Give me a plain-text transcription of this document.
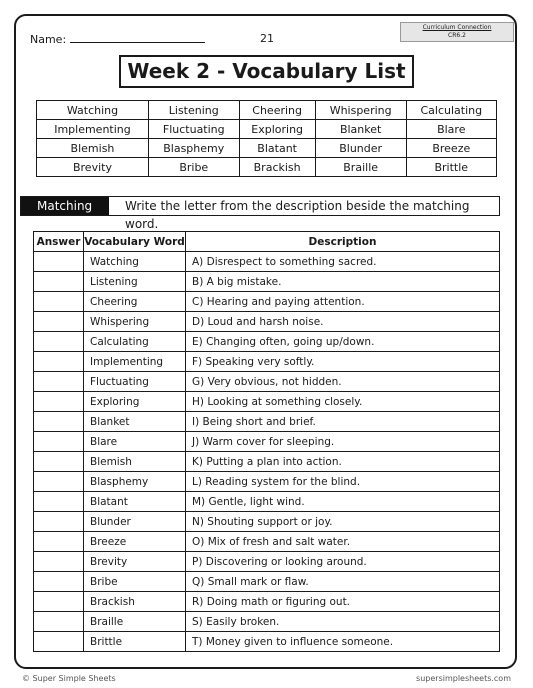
Name:	21
Curriculum Connection
CR6.2
Week 2 - Vocabulary List
Watching	Listening	Cheering	Whispering	Calculating
Implementing	Fluctuating	Exploring	Blanket	Blare
Blemish	Blasphemy	Blatant	Blunder	Breeze
Brevity	Bribe	Brackish	Braille	Brittle
Matching	Write the letter from the description beside the matching word.
Answer	Vocabulary Word	Description
	Watching	A) Disrespect to something sacred.
	Listening	B) A big mistake.
	Cheering	C) Hearing and paying attention.
	Whispering	D) Loud and harsh noise.
	Calculating	E) Changing often, going up/down.
	Implementing	F) Speaking very softly.
	Fluctuating	G) Very obvious, not hidden.
	Exploring	H) Looking at something closely.
	Blanket	I) Being short and brief.
	Blare	J) Warm cover for sleeping.
	Blemish	K) Putting a plan into action.
	Blasphemy	L) Reading system for the blind.
	Blatant	M) Gentle, light wind.
	Blunder	N) Shouting support or joy.
	Breeze	O) Mix of fresh and salt water.
	Brevity	P) Discovering or looking around.
	Bribe	Q) Small mark or flaw.
	Brackish	R) Doing math or figuring out.
	Braille	S) Easily broken.
	Brittle	T) Money given to influence someone.
© Super Simple Sheets	supersimplesheets.com
